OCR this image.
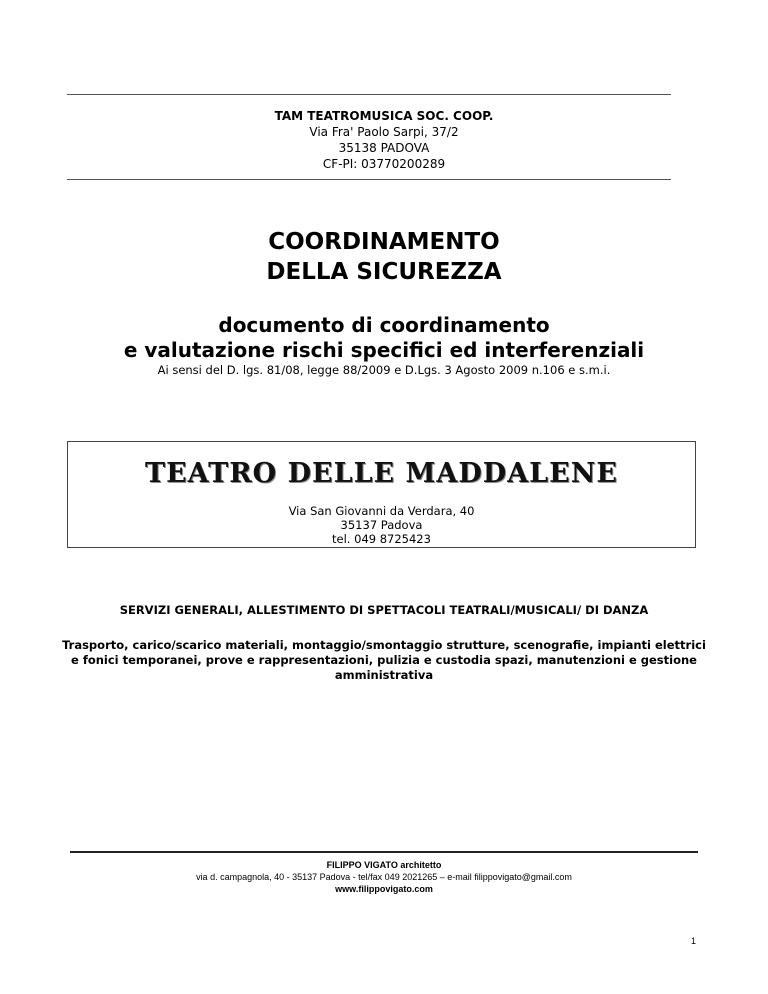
TAM TEATROMUSICA SOC. COOP.
Via Fra' Paolo Sarpi, 37/2
35138 PADOVA
CF-PI: 03770200289
COORDINAMENTO
DELLA SICUREZZA
documento di coordinamento
e valutazione rischi specifici ed interferenziali
Ai sensi del D. lgs. 81/08, legge 88/2009 e D.Lgs. 3 Agosto 2009 n.106 e s.m.i.
TEATRO DELLE MADDALENE
Via San Giovanni da Verdara, 40
35137 Padova
tel. 049 8725423
SERVIZI GENERALI, ALLESTIMENTO DI SPETTACOLI TEATRALI/MUSICALI/ DI DANZA
Trasporto, carico/scarico materiali, montaggio/smontaggio strutture, scenografie, impianti elettrici e fonici temporanei, prove e rappresentazioni, pulizia e custodia spazi, manutenzioni e gestione amministrativa
FILIPPO VIGATO architetto
via d. campagnola, 40 - 35137 Padova - tel/fax 049 2021265 – e-mail filippovigato@gmail.com
www.filippovigato.com
1
